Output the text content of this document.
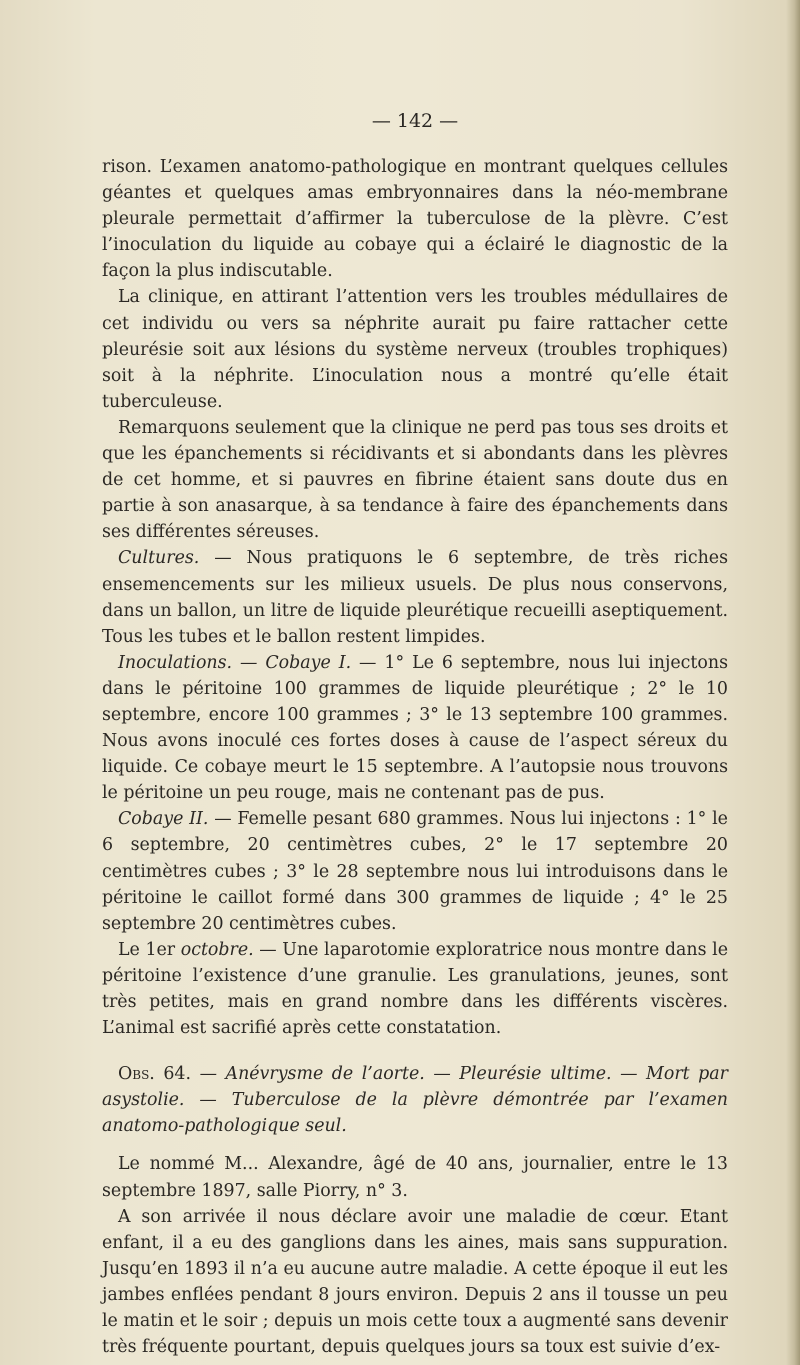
— 142 —

rison. L’examen anatomo-pathologique en montrant quelques cellules géantes et quelques amas embryonnaires dans la néo-membrane pleurale permettait d’affirmer la tuberculose de la plèvre. C’est l’inoculation du liquide au cobaye qui a éclairé le diagnostic de la façon la plus indiscutable.

La clinique, en attirant l’attention vers les troubles médullaires de cet individu ou vers sa néphrite aurait pu faire rattacher cette pleurésie soit aux lésions du système nerveux (troubles trophiques) soit à la néphrite. L’inoculation nous a montré qu’elle était tuberculeuse.

Remarquons seulement que la clinique ne perd pas tous ses droits et que les épanchements si récidivants et si abondants dans les plèvres de cet homme, et si pauvres en fibrine étaient sans doute dus en partie à son anasarque, à sa tendance à faire des épanchements dans ses différentes séreuses.

Cultures. — Nous pratiquons le 6 septembre, de très riches ensemencements sur les milieux usuels. De plus nous conservons, dans un ballon, un litre de liquide pleurétique recueilli aseptiquement. Tous les tubes et le ballon restent limpides.

Inoculations. — Cobaye I. — 1° Le 6 septembre, nous lui injectons dans le péritoine 100 grammes de liquide pleurétique ; 2° le 10 septembre, encore 100 grammes ; 3° le 13 septembre 100 grammes. Nous avons inoculé ces fortes doses à cause de l’aspect séreux du liquide. Ce cobaye meurt le 15 septembre. A l’autopsie nous trouvons le péritoine un peu rouge, mais ne contenant pas de pus.

Cobaye II. — Femelle pesant 680 grammes. Nous lui injectons : 1° le 6 septembre, 20 centimètres cubes, 2° le 17 septembre 20 centimètres cubes ; 3° le 28 septembre nous lui introduisons dans le péritoine le caillot formé dans 300 grammes de liquide ; 4° le 25 septembre 20 centimètres cubes.

Le 1er octobre. — Une laparotomie exploratrice nous montre dans le péritoine l’existence d’une granulie. Les granulations, jeunes, sont très petites, mais en grand nombre dans les différents viscères. L’animal est sacrifié après cette constatation.

Obs. 64. — Anévrysme de l’aorte. — Pleurésie ultime. — Mort par asystolie. — Tuberculose de la plèvre démontrée par l’examen anatomo-pathologique seul.

Le nommé M... Alexandre, âgé de 40 ans, journalier, entre le 13 septembre 1897, salle Piorry, n° 3.

A son arrivée il nous déclare avoir une maladie de cœur. Etant enfant, il a eu des ganglions dans les aines, mais sans suppuration. Jusqu’en 1893 il n’a eu aucune autre maladie. A cette époque il eut les jambes enflées pendant 8 jours environ. Depuis 2 ans il tousse un peu le matin et le soir ; depuis un mois cette toux a augmenté sans devenir très fréquente pourtant, depuis quelques jours sa toux est suivie d’ex-
